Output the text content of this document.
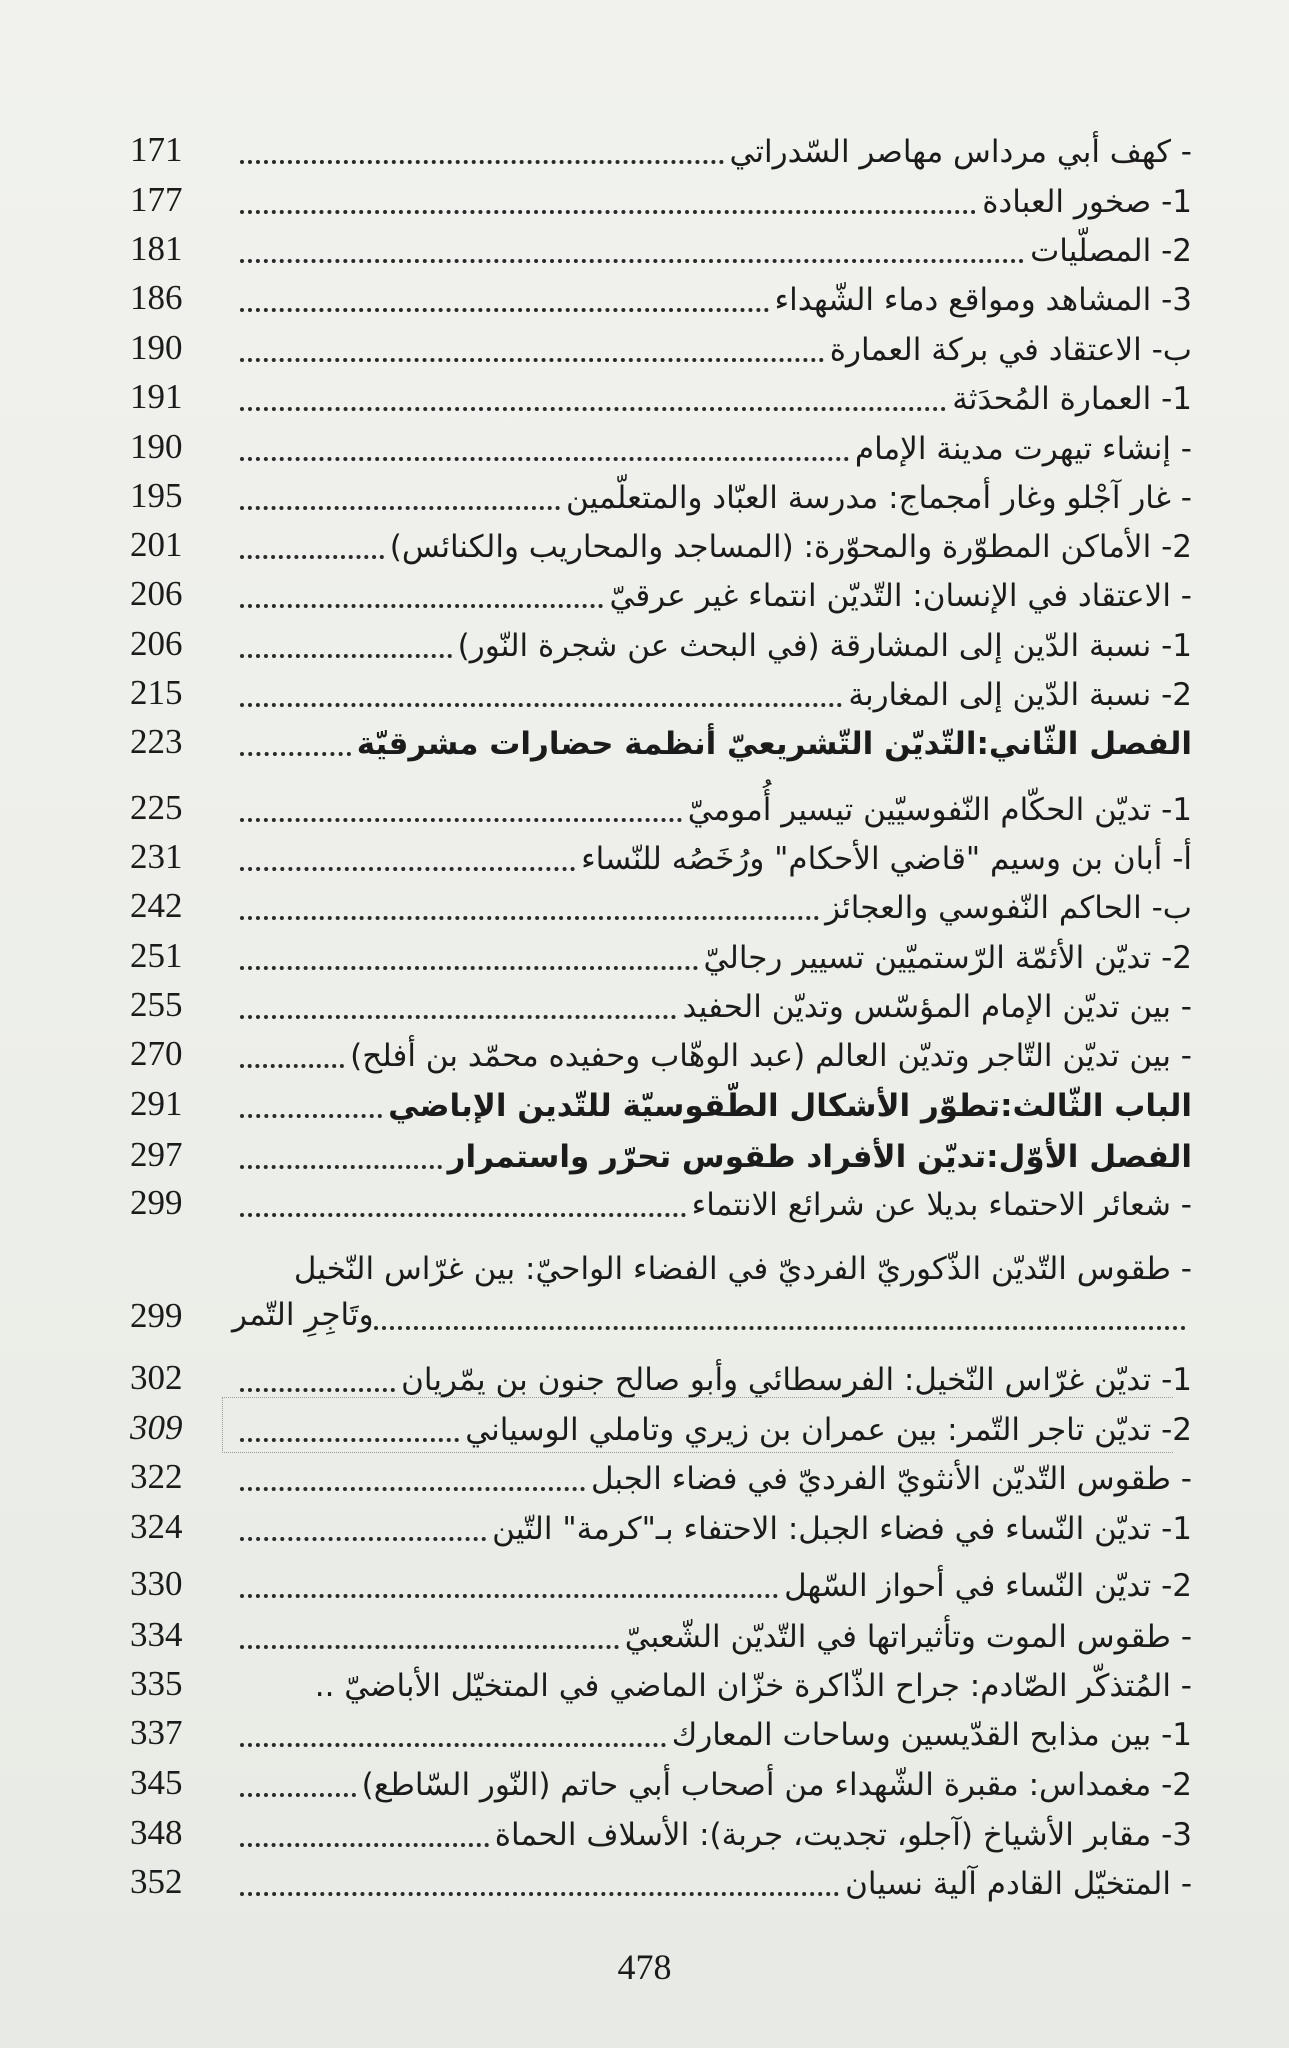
- كهف أبي مرداس مهاصر السّدراتي
171
1- صخور العبادة
177
2- المصلّيات
181
3- المشاهد ومواقع دماء الشّهداء
186
ب- الاعتقاد في بركة العمارة
190
1- العمارة المُحدَثة
191
- إنشاء تيهرت مدينة الإمام
190
- غار آجْلو وغار أمجماج: مدرسة العبّاد والمتعلّمين
195
2- الأماكن المطوّرة والمحوّرة: (المساجد والمحاريب والكنائس)
201
- الاعتقاد في الإنسان: التّديّن انتماء غير عرقيّ
206
1- نسبة الدّين إلى المشارقة (في البحث عن شجرة النّور)
206
2- نسبة الدّين إلى المغاربة
215
الفصل الثّاني:التّديّن التّشريعيّ أنظمة حضارات مشرقيّة
223
1- تديّن الحكّام النّفوسيّين تيسير أُموميّ
225
أ- أبان بن وسيم "قاضي الأحكام" ورُخَصُه للنّساء
231
ب- الحاكم النّفوسي والعجائز
242
2- تديّن الأئمّة الرّستميّين تسيير رجاليّ
251
- بين تديّن الإمام المؤسّس وتديّن الحفيد
255
- بين تديّن التّاجر وتديّن العالم (عبد الوهّاب وحفيده محمّد بن أفلح)
270
الباب الثّالث:تطوّر الأشكال الطّقوسيّة للتّدين الإباضي
291
الفصل الأوّل:تديّن الأفراد طقوس تحرّر واستمرار
297
- شعائر الاحتماء بديلا عن شرائع الانتماء
299
- طقوس التّديّن الذّكوريّ الفرديّ في الفضاء الواحيّ: بين غرّاس النّخيل
وتَاجِرِ التّمر
299
1- تديّن غرّاس النّخيل: الفرسطائي وأبو صالح جنون بن يمّريان
302
2- تديّن تاجر التّمر: بين عمران بن زيري وتاملي الوسياني
309
- طقوس التّديّن الأنثويّ الفرديّ في فضاء الجبل
322
1- تديّن النّساء في فضاء الجبل: الاحتفاء بـ"كرمة" التّين
324
2- تديّن النّساء في أحواز السّهل
330
- طقوس الموت وتأثيراتها في التّديّن الشّعبيّ
334
- المُتذكّر الصّادم: جراح الذّاكرة خزّان الماضي في المتخيّل الأباضيّ ..
335
1- بين مذابح القدّيسين وساحات المعارك
337
2- مغمداس: مقبرة الشّهداء من أصحاب أبي حاتم (النّور السّاطع)
345
3- مقابر الأشياخ (آجلو، تجديت، جربة): الأسلاف الحماة
348
- المتخيّل القادم آلية نسيان
352
478
